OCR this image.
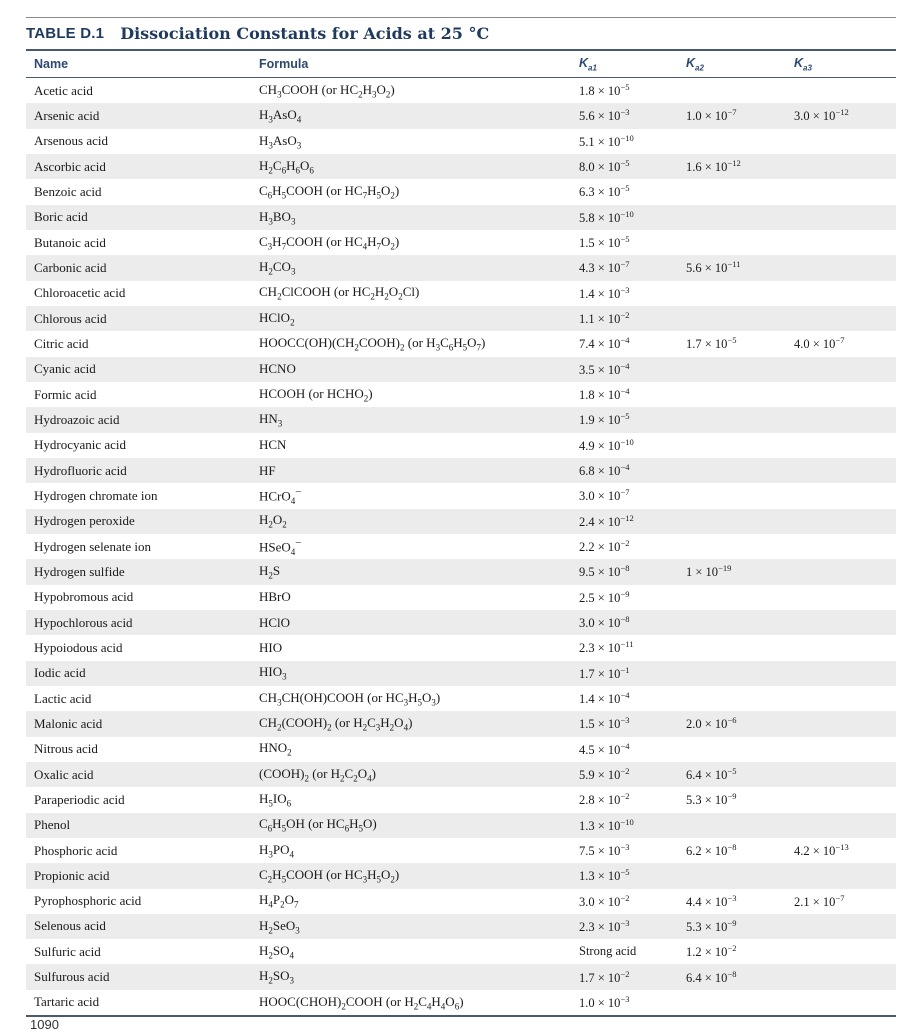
TABLE D.1 Dissociation Constants for Acids at 25 °C
Name	Formula	$K_{a1}$	$K_{a2}$	$K_{a3}$
Acetic acid	$CH_3COOH$ (or $HC_2H_3O_2$)	$1.8 \times 10^{-5}$
Arsenic acid	$H_3AsO_4$	$5.6 \times 10^{-3}$	$1.0 \times 10^{-7}$	$3.0 \times 10^{-12}$
Arsenous acid	$H_3AsO_3$	$5.1 \times 10^{-10}$
Ascorbic acid	$H_2C_6H_6O_6$	$8.0 \times 10^{-5}$	$1.6 \times 10^{-12}$
Benzoic acid	$C_6H_5COOH$ (or $HC_7H_5O_2$)	$6.3 \times 10^{-5}$
Boric acid	$H_3BO_3$	$5.8 \times 10^{-10}$
Butanoic acid	$C_3H_7COOH$ (or $HC_4H_7O_2$)	$1.5 \times 10^{-5}$
Carbonic acid	$H_2CO_3$	$4.3 \times 10^{-7}$	$5.6 \times 10^{-11}$
Chloroacetic acid	$CH_2ClCOOH$ (or $HC_2H_2O_2Cl$)	$1.4 \times 10^{-3}$
Chlorous acid	HClO$_2$	$1.1 \times 10^{-2}$
Citric acid	$HOOCC(OH)(CH_2COOH)_2$ (or $H_3C_6H_5O_7$)	$7.4 \times 10^{-4}$	$1.7 \times 10^{-5}$	$4.0 \times 10^{-7}$
Cyanic acid	HCNO	$3.5 \times 10^{-4}$
Formic acid	HCOOH (or $HCHO_2$)	$1.8 \times 10^{-4}$
Hydroazoic acid	$HN_3$	$1.9 \times 10^{-5}$
Hydrocyanic acid	HCN	$4.9 \times 10^{-10}$
Hydrofluoric acid	HF	$6.8 \times 10^{-4}$
Hydrogen chromate ion	HCrO$_4$−	$3.0 \times 10^{-7}$
Hydrogen peroxide	$H_2O_2$	$2.4 \times 10^{-12}$
Hydrogen selenate ion	HSeO$_4$−	$2.2 \times 10^{-2}$
Hydrogen sulfide	$H_2S$	$9.5 \times 10^{-8}$	$1 \times 10^{-19}$
Hypobromous acid	HBrO	$2.5 \times 10^{-9}$
Hypochlorous acid	HClO	$3.0 \times 10^{-8}$
Hypoiodous acid	HIO	$2.3 \times 10^{-11}$
Iodic acid	$HIO_3$	$1.7 \times 10^{-1}$
Lactic acid	$CH_3CH(OH)COOH$ (or $HC_3H_5O_3$)	$1.4 \times 10^{-4}$
Malonic acid	$CH_2(COOH)_2$ (or $H_2C_3H_2O_4$)	$1.5 \times 10^{-3}$	$2.0 \times 10^{-6}$
Nitrous acid	$HNO_2$	$4.5 \times 10^{-4}$
Oxalic acid	$(COOH)_2$ (or $H_2C_2O_4$)	$5.9 \times 10^{-2}$	$6.4 \times 10^{-5}$
Paraperiodic acid	$H_5IO_6$	$2.8 \times 10^{-2}$	$5.3 \times 10^{-9}$
Phenol	$C_6H_5OH$ (or $HC_6H_5O$)	$1.3 \times 10^{-10}$
Phosphoric acid	$H_3PO_4$	$7.5 \times 10^{-3}$	$6.2 \times 10^{-8}$	$4.2 \times 10^{-13}$
Propionic acid	$C_2H_5COOH$ (or $HC_3H_5O_2$)	$1.3 \times 10^{-5}$
Pyrophosphoric acid	$H_4P_2O_7$	$3.0 \times 10^{-2}$	$4.4 \times 10^{-3}$	$2.1 \times 10^{-7}$
Selenous acid	$H_2SeO_3$	$2.3 \times 10^{-3}$	$5.3 \times 10^{-9}$
Sulfuric acid	$H_2SO_4$	Strong acid	$1.2 \times 10^{-2}$
Sulfurous acid	$H_2SO_3$	$1.7 \times 10^{-2}$	$6.4 \times 10^{-8}$
Tartaric acid	$HOOC(CHOH)_2COOH$ (or $H_2C_4H_4O_6$)	$1.0 \times 10^{-3}$
1090
